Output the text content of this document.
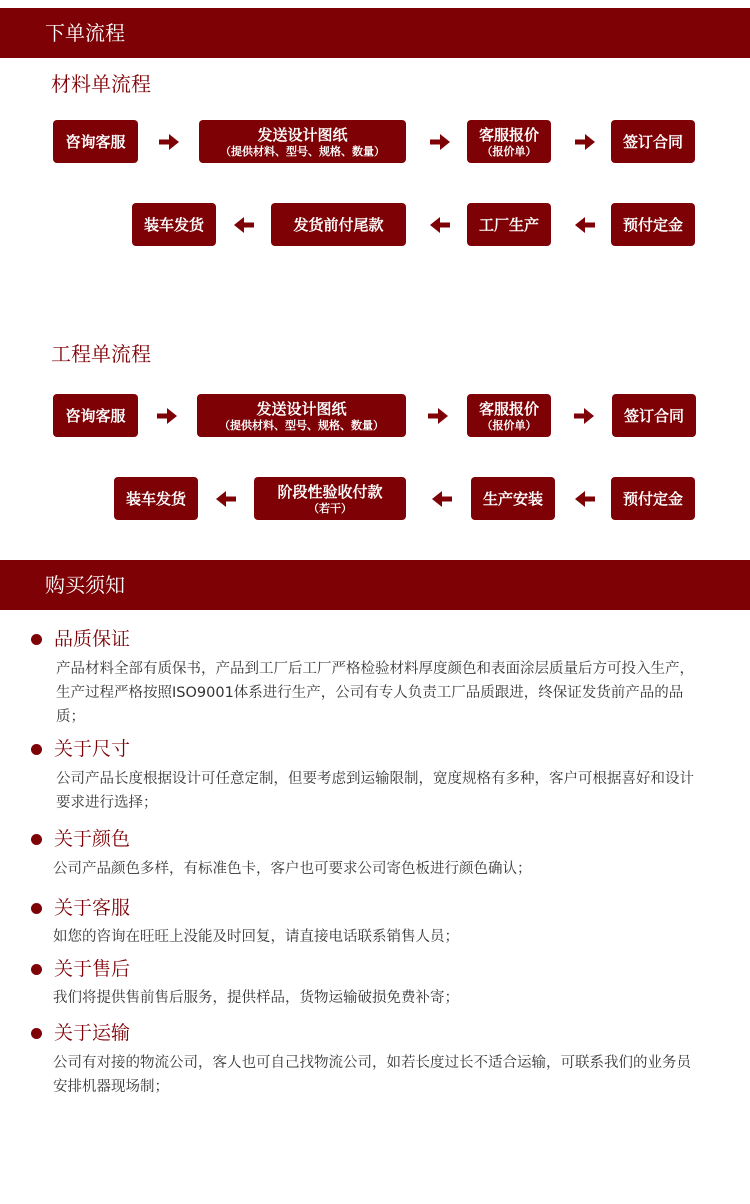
下单流程
材料单流程
咨询客服	发送设计图纸
（提供材料、型号、规格、数量）
客服报价
（报价单）
签订合同
预付定金
工厂生产
发货前付尾款
装车发货
工程单流程
咨询客服	发送设计图纸
（提供材料、型号、规格、数量）
客服报价
（报价单）
签订合同
预付定金
生产安装
阶段性验收付款
（若干）
装车发货
购买须知
品质保证
产品材料全部有质保书，产品到工厂后工厂严格检验材料厚度颜色和表面涂层质量后方可投入生产，生产过程严格按照ISO9001体系进行生产，公司有专人负责工厂品质跟进，终保证发货前产品的品质；
关于尺寸
公司产品长度根据设计可任意定制，但要考虑到运输限制，宽度规格有多种，客户可根据喜好和设计要求进行选择；
关于颜色
公司产品颜色多样，有标准色卡，客户也可要求公司寄色板进行颜色确认；
关于客服
如您的咨询在旺旺上没能及时回复，请直接电话联系销售人员；
关于售后
我们将提供售前售后服务，提供样品，货物运输破损免费补寄；
关于运输
公司有对接的物流公司，客人也可自己找物流公司，如若长度过长不适合运输，可联系我们的业务员安排机器现场制；
